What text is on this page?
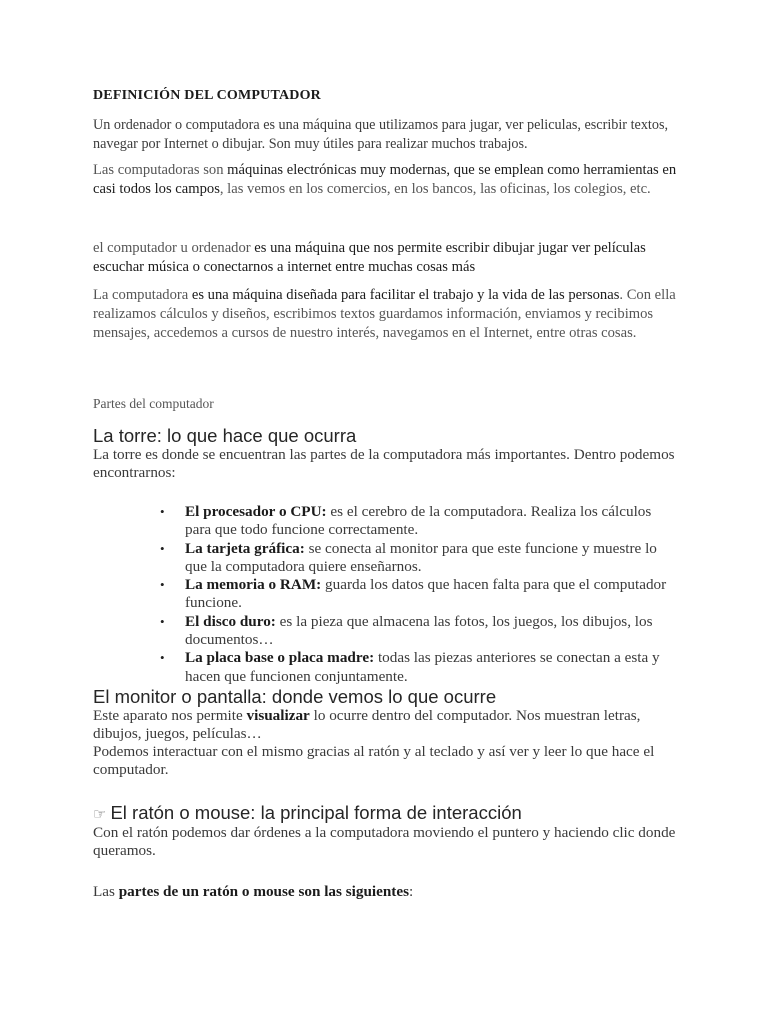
DEFINICIÓN DEL COMPUTADOR

Un ordenador o computadora es una máquina que utilizamos para jugar, ver peliculas, escribir textos, navegar por Internet o dibujar. Son muy útiles para realizar muchos trabajos.

Las computadoras son máquinas electrónicas muy modernas, que se emplean como herramientas en casi todos los campos, las vemos en los comercios, en los bancos, las oficinas, los colegios, etc.

el computador u ordenador es una máquina que nos permite escribir dibujar jugar ver películas escuchar música o conectarnos a internet entre muchas cosas más

La computadora es una máquina diseñada para facilitar el trabajo y la vida de las personas. Con ella realizamos cálculos y diseños, escribimos textos guardamos información, enviamos y recibimos mensajes, accedemos a cursos de nuestro interés, navegamos en el Internet, entre otras cosas.

Partes del computador
La torre: lo que hace que ocurra

La torre es donde se encuentran las partes de la computadora más importantes. Dentro podemos encontrarnos:

• El procesador o CPU: es el cerebro de la computadora. Realiza los cálculos para que todo funcione correctamente.
• La tarjeta gráfica: se conecta al monitor para que este funcione y muestre lo que la computadora quiere enseñarnos.
• La memoria o RAM: guarda los datos que hacen falta para que el computador funcione.
• El disco duro: es la pieza que almacena las fotos, los juegos, los dibujos, los documentos…
• La placa base o placa madre: todas las piezas anteriores se conectan a esta y hacen que funcionen conjuntamente.
El monitor o pantalla: donde vemos lo que ocurre

Este aparato nos permite visualizar lo ocurre dentro del computador. Nos muestran letras, dibujos, juegos, películas…

Podemos interactuar con el mismo gracias al ratón y al teclado y así ver y leer lo que hace el computador.

☞ El ratón o mouse: la principal forma de interacción

Con el ratón podemos dar órdenes a la computadora moviendo el puntero y haciendo clic donde queramos.

Las partes de un ratón o mouse son las siguientes:
